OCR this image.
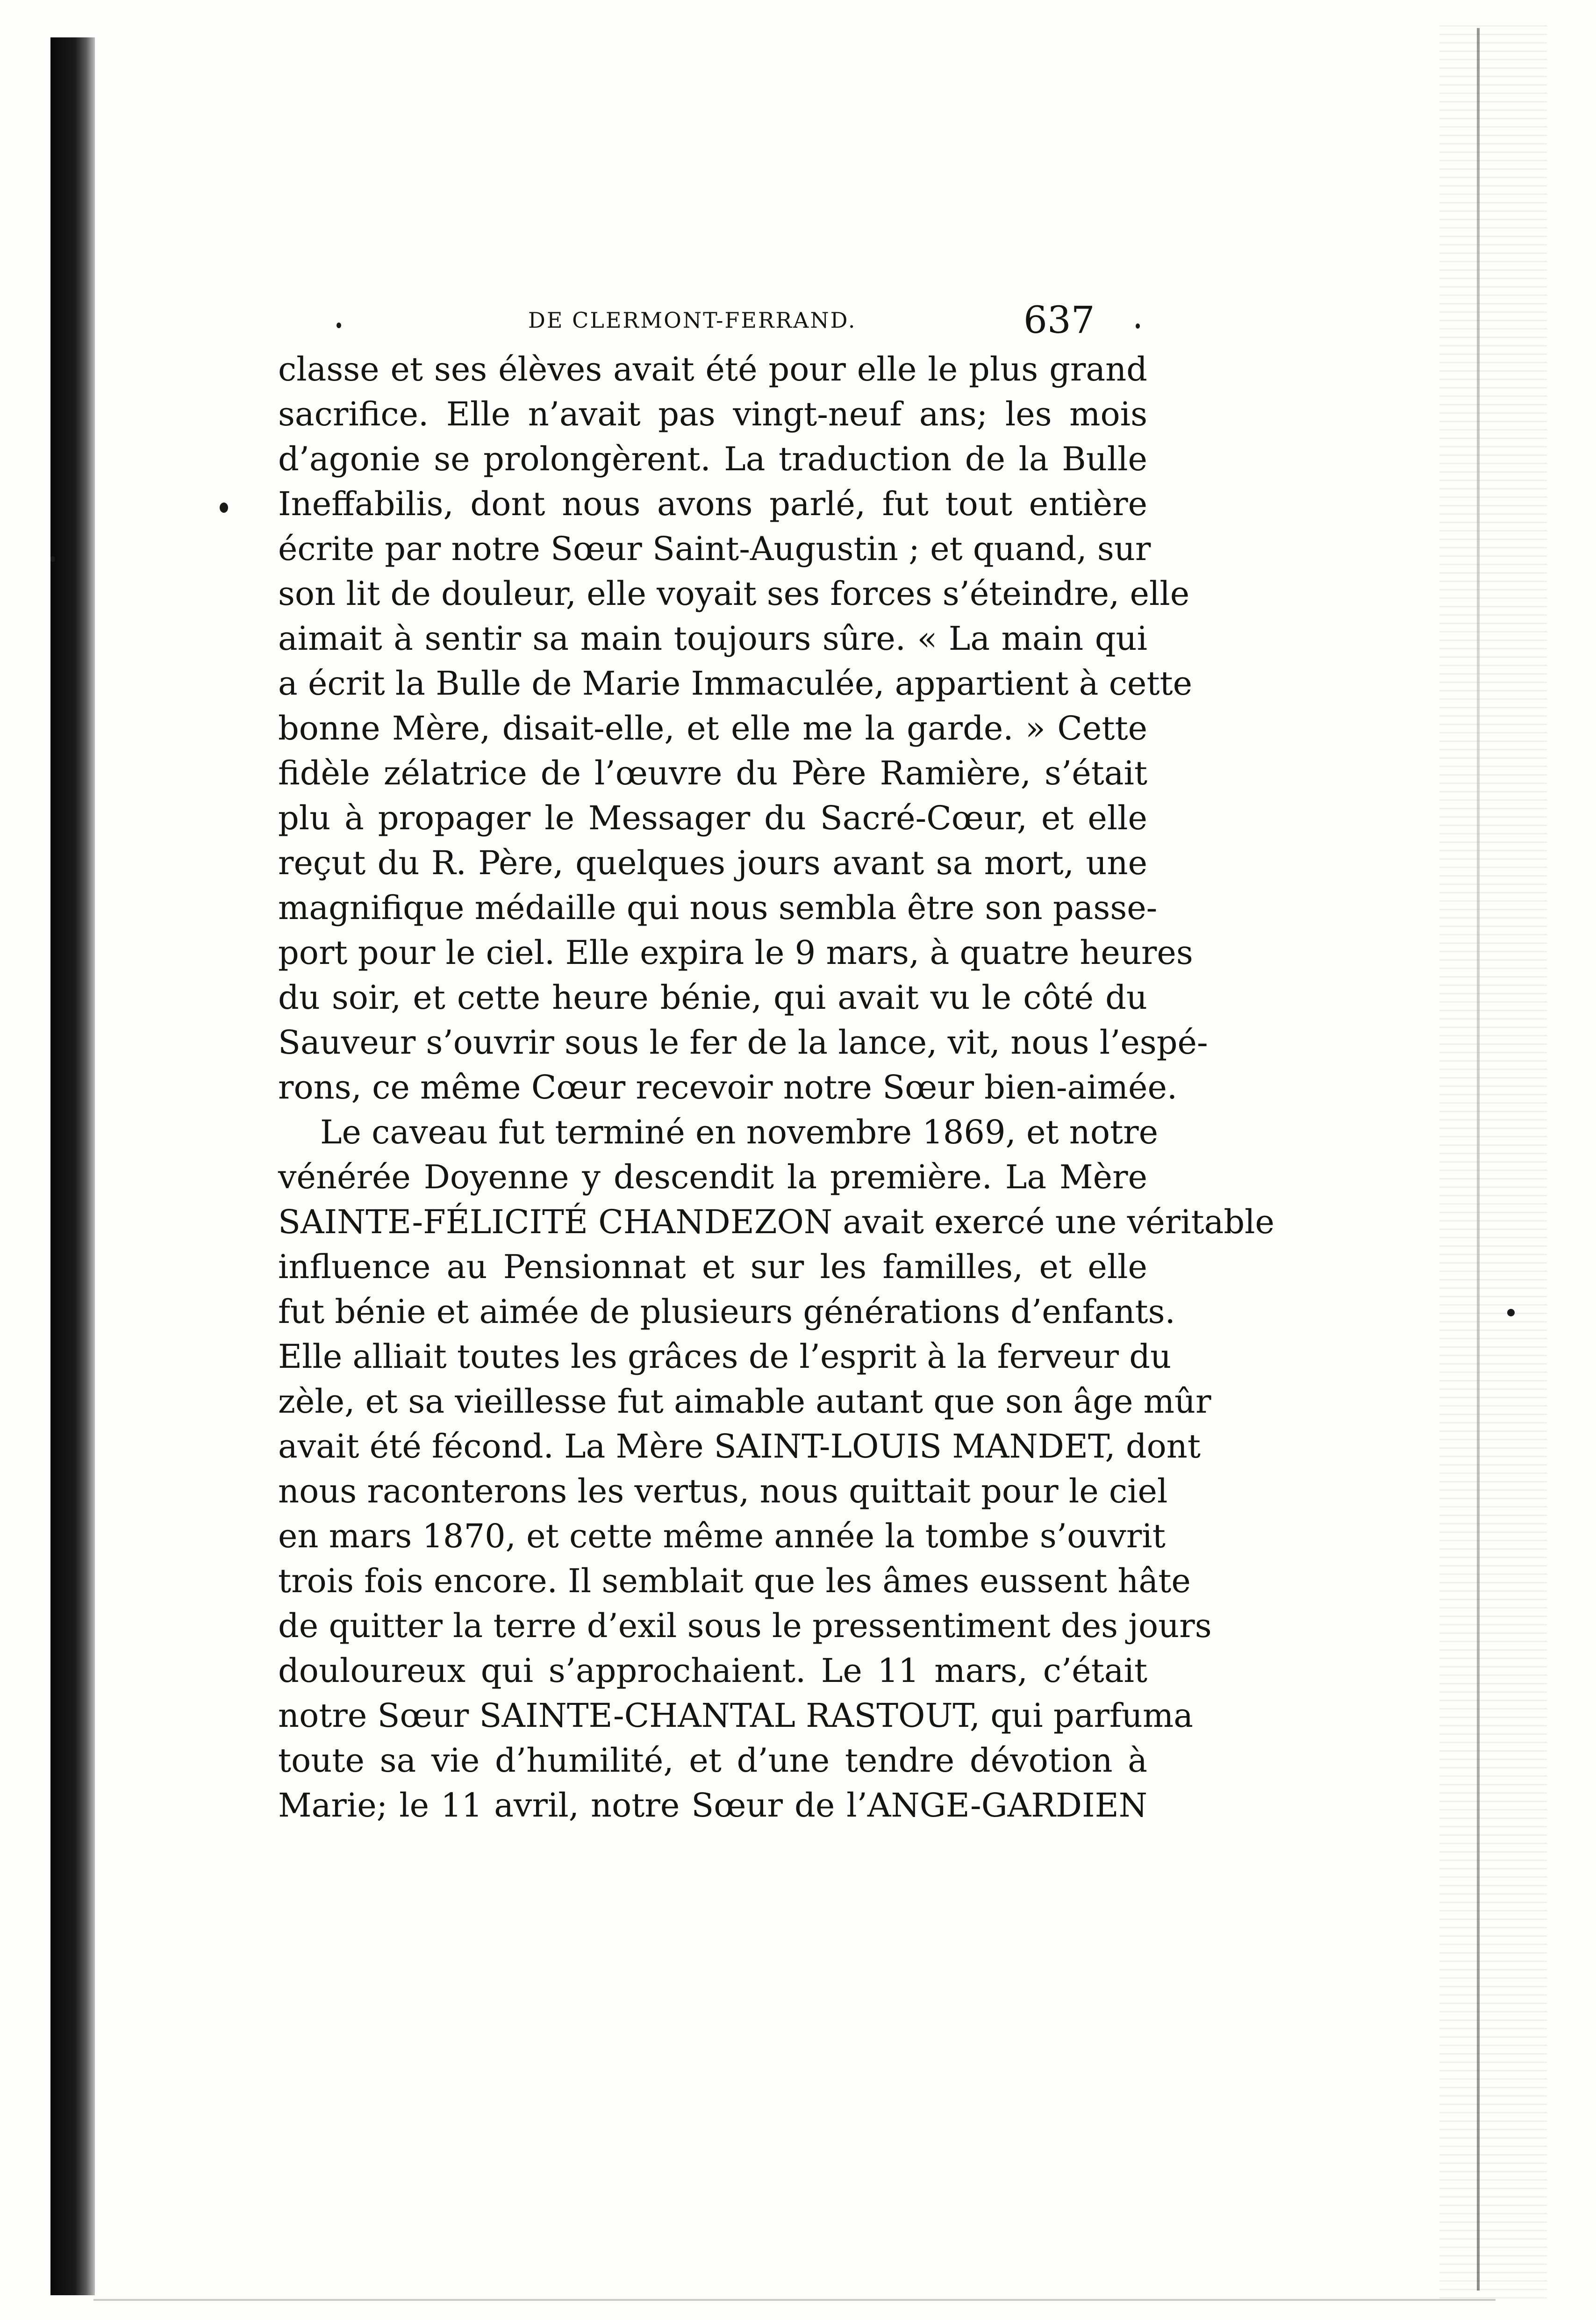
DE CLERMONT-FERRAND.	637
classe et ses élèves avait été pour elle le plus grand
sacrifice. Elle n’avait pas vingt-neuf ans; les mois
d’agonie se prolongèrent. La traduction de la Bulle
Ineffabilis, dont nous avons parlé, fut tout entière
écrite par notre Sœur Saint-Augustin ; et quand, sur
son lit de douleur, elle voyait ses forces s’éteindre, elle
aimait à sentir sa main toujours sûre. « La main qui
a écrit la Bulle de Marie Immaculée, appartient à cette
bonne Mère, disait-elle, et elle me la garde. » Cette
fidèle zélatrice de l’œuvre du Père Ramière, s’était
plu à propager le Messager du Sacré-Cœur, et elle
reçut du R. Père, quelques jours avant sa mort, une
magnifique médaille qui nous sembla être son passe-
port pour le ciel. Elle expira le 9 mars, à quatre heures
du soir, et cette heure bénie, qui avait vu le côté du
Sauveur s’ouvrir sous le fer de la lance, vit, nous l’espé-
rons, ce même Cœur recevoir notre Sœur bien-aimée.
Le caveau fut terminé en novembre 1869, et notre
vénérée Doyenne y descendit la première. La Mère
SAINTE-FÉLICITÉ CHANDEZON avait exercé une véritable
influence au Pensionnat et sur les familles, et elle
fut bénie et aimée de plusieurs générations d’enfants.
Elle alliait toutes les grâces de l’esprit à la ferveur du
zèle, et sa vieillesse fut aimable autant que son âge mûr
avait été fécond. La Mère SAINT-LOUIS MANDET, dont
nous raconterons les vertus, nous quittait pour le ciel
en mars 1870, et cette même année la tombe s’ouvrit
trois fois encore. Il semblait que les âmes eussent hâte
de quitter la terre d’exil sous le pressentiment des jours
douloureux qui s’approchaient. Le 11 mars, c’était
notre Sœur SAINTE-CHANTAL RASTOUT, qui parfuma
toute sa vie d’humilité, et d’une tendre dévotion à
Marie; le 11 avril, notre Sœur de l’ANGE-GARDIEN
